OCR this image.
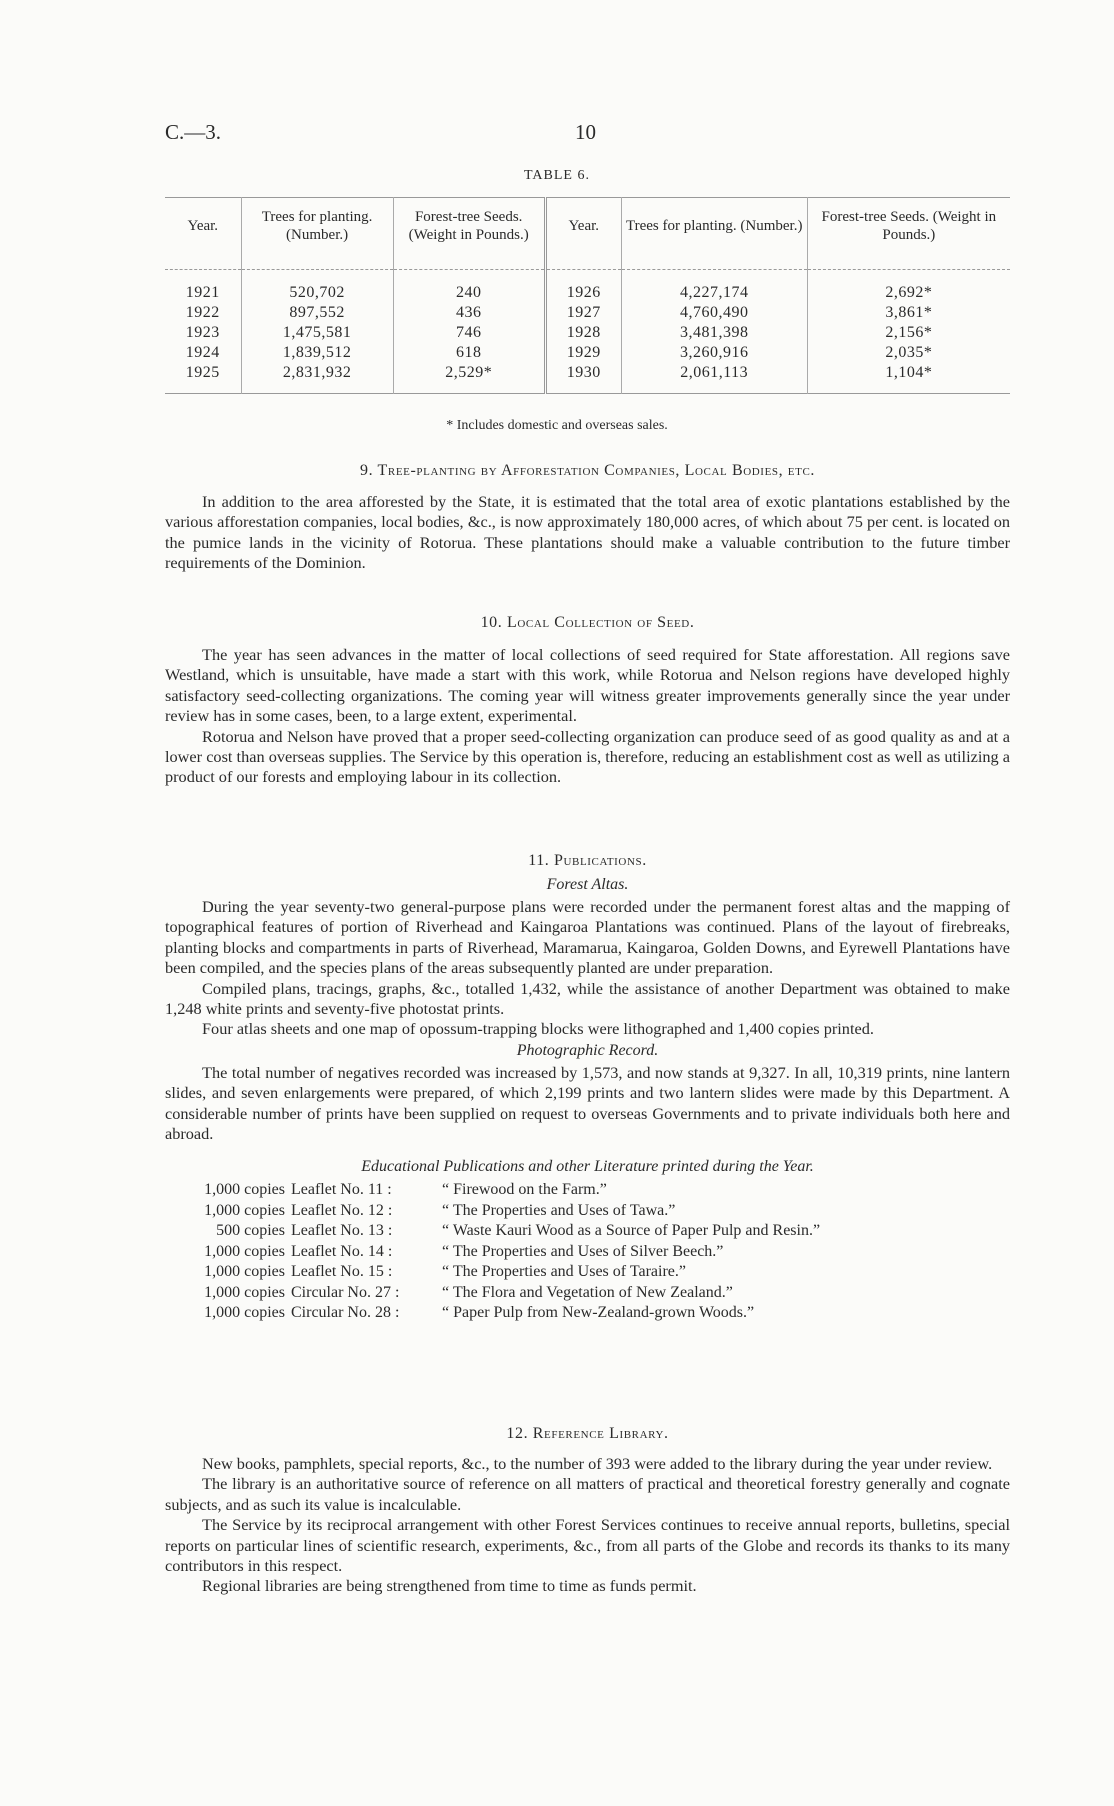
C.—3.	10
TABLE 6.
Year.	Trees for planting. (Number.)	Forest-tree Seeds. (Weight in Pounds.)	Year.	Trees for planting. (Number.)	Forest-tree Seeds. (Weight in Pounds.)
1921	520,702	240	1926	4,227,174	2,692*
1922	897,552	436	1927	4,760,490	3,861*
1923	1,475,581	746	1928	3,481,398	2,156*
1924	1,839,512	618	1929	3,260,916	2,035*
1925	2,831,932	2,529*	1930	2,061,113	1,104*
* Includes domestic and overseas sales.
9. Tree-planting by Afforestation Companies, Local Bodies, etc.

In addition to the area afforested by the State, it is estimated that the total area of exotic plantations established by the various afforestation companies, local bodies, &c., is now approximately 180,000 acres, of which about 75 per cent. is located on the pumice lands in the vicinity of Rotorua. These plantations should make a valuable contribution to the future timber requirements of the Dominion.

10. Local Collection of Seed.

The year has seen advances in the matter of local collections of seed required for State afforestation. All regions save Westland, which is unsuitable, have made a start with this work, while Rotorua and Nelson regions have developed highly satisfactory seed-collecting organizations. The coming year will witness greater improvements generally since the year under review has in some cases, been, to a large extent, experimental.

Rotorua and Nelson have proved that a proper seed-collecting organization can produce seed of as good quality as and at a lower cost than overseas supplies. The Service by this operation is, therefore, reducing an establishment cost as well as utilizing a product of our forests and employing labour in its collection.

11. Publications.
Forest Altas.

During the year seventy-two general-purpose plans were recorded under the permanent forest altas and the mapping of topographical features of portion of Riverhead and Kaingaroa Plantations was continued. Plans of the layout of firebreaks, planting blocks and compartments in parts of Riverhead, Maramarua, Kaingaroa, Golden Downs, and Eyrewell Plantations have been compiled, and the species plans of the areas subsequently planted are under preparation.

Compiled plans, tracings, graphs, &c., totalled 1,432, while the assistance of another Department was obtained to make 1,248 white prints and seventy-five photostat prints.

Four atlas sheets and one map of opossum-trapping blocks were lithographed and 1,400 copies printed.

Photographic Record.

The total number of negatives recorded was increased by 1,573, and now stands at 9,327. In all, 10,319 prints, nine lantern slides, and seven enlargements were prepared, of which 2,199 prints and two lantern slides were made by this Department. A considerable number of prints have been supplied on request to overseas Governments and to private individuals both here and abroad.

Educational Publications and other Literature printed during the Year.
1,000 copies Leaflet No. 11 :	“ Firewood on the Farm.”
1,000 copies Leaflet No. 12 :	“ The Properties and Uses of Tawa.”
500 copies Leaflet No. 13 :	“ Waste Kauri Wood as a Source of Paper Pulp and Resin.”
1,000 copies Leaflet No. 14 :	“ The Properties and Uses of Silver Beech.”
1,000 copies Leaflet No. 15 :	“ The Properties and Uses of Taraire.”
1,000 copies Circular No. 27 :	“ The Flora and Vegetation of New Zealand.”
1,000 copies Circular No. 28 :	“ Paper Pulp from New-Zealand-grown Woods.”
12. Reference Library.

New books, pamphlets, special reports, &c., to the number of 393 were added to the library during the year under review.

The library is an authoritative source of reference on all matters of practical and theoretical forestry generally and cognate subjects, and as such its value is incalculable.

The Service by its reciprocal arrangement with other Forest Services continues to receive annual reports, bulletins, special reports on particular lines of scientific research, experiments, &c., from all parts of the Globe and records its thanks to its many contributors in this respect.

Regional libraries are being strengthened from time to time as funds permit.
